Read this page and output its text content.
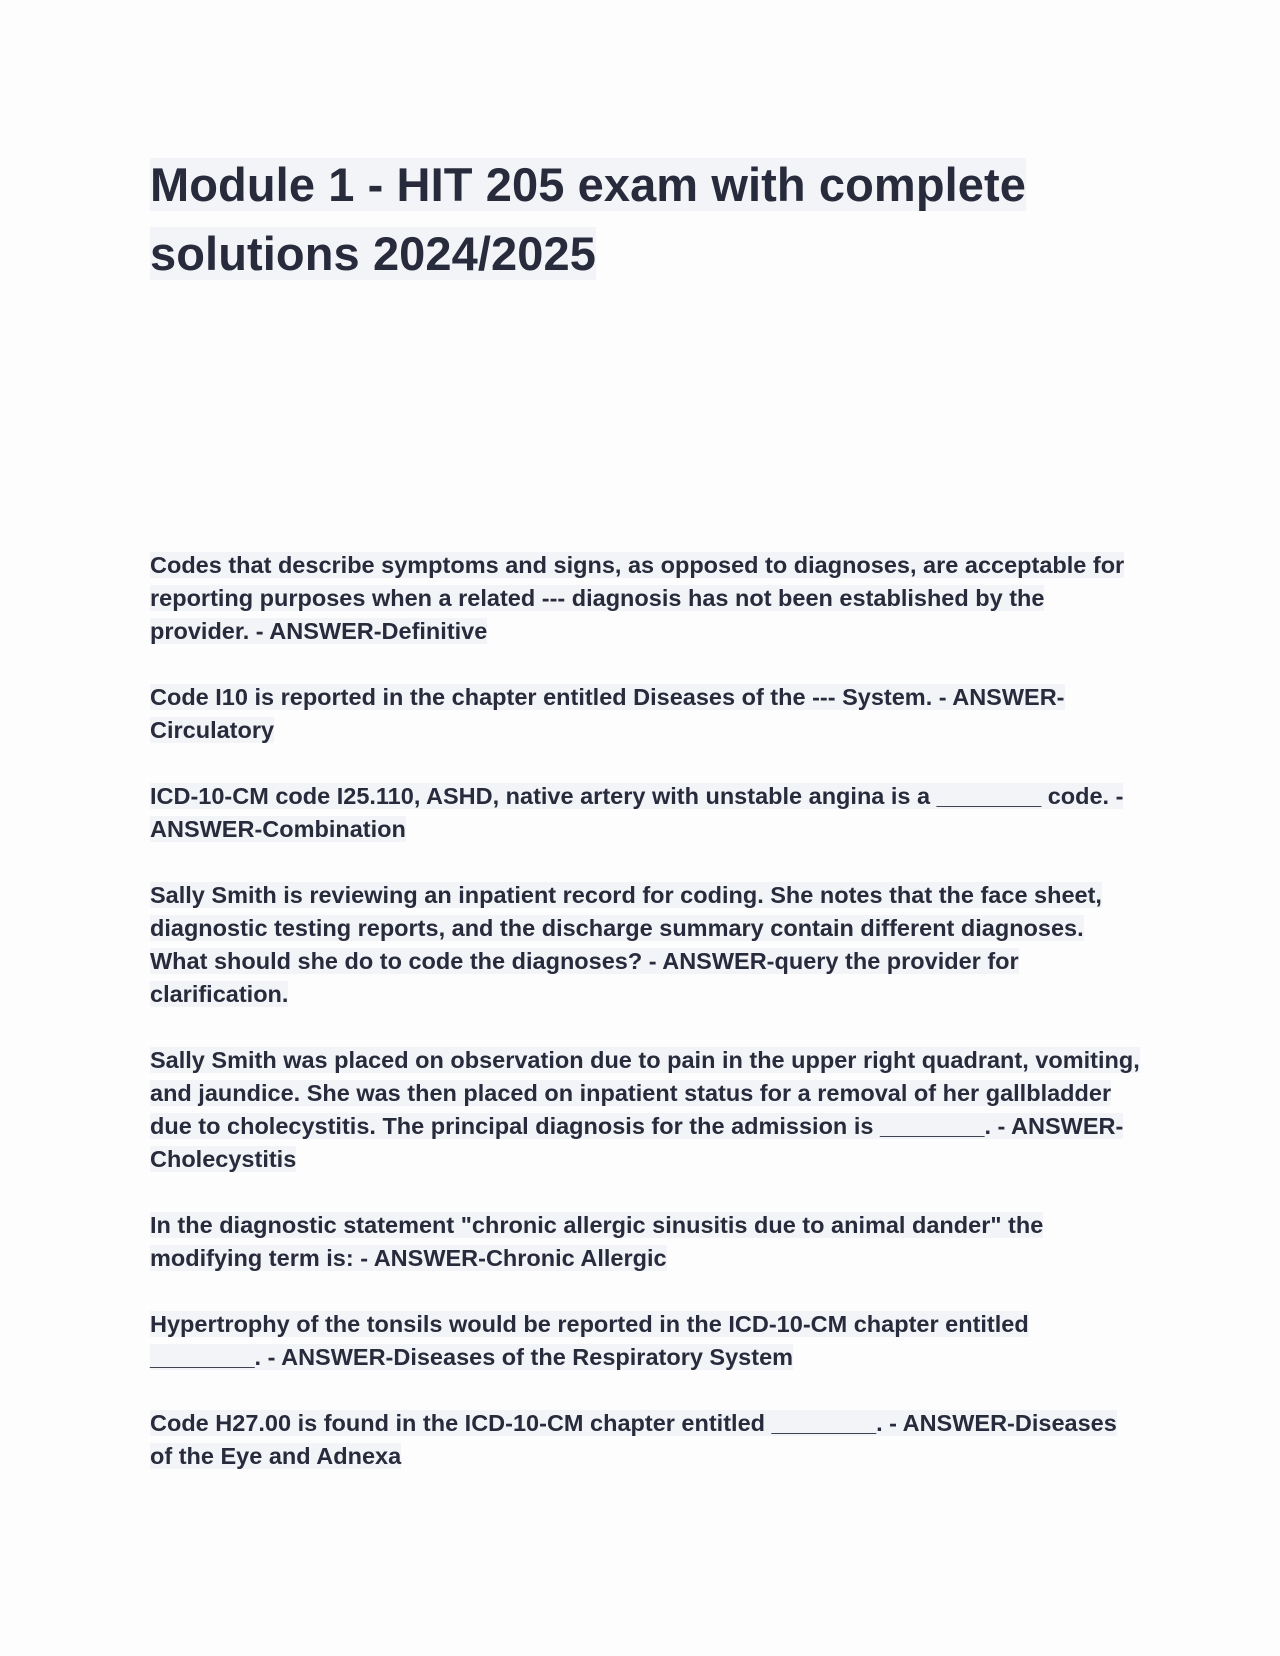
Module 1 - HIT 205 exam with complete solutions 2024/2025

Codes that describe symptoms and signs, as opposed to diagnoses, are acceptable for reporting purposes when a related --- diagnosis has not been established by the provider. - ANSWER-Definitive

Code I10 is reported in the chapter entitled Diseases of the --- System. - ANSWER-Circulatory

ICD-10-CM code I25.110, ASHD, native artery with unstable angina is a ________ code. - ANSWER-Combination

Sally Smith is reviewing an inpatient record for coding. She notes that the face sheet, diagnostic testing reports, and the discharge summary contain different diagnoses. What should she do to code the diagnoses? - ANSWER-query the provider for clarification.

Sally Smith was placed on observation due to pain in the upper right quadrant, vomiting, and jaundice. She was then placed on inpatient status for a removal of her gallbladder due to cholecystitis. The principal diagnosis for the admission is ________. - ANSWER-Cholecystitis

In the diagnostic statement "chronic allergic sinusitis due to animal dander" the modifying term is: - ANSWER-Chronic Allergic

Hypertrophy of the tonsils would be reported in the ICD-10-CM chapter entitled ________. - ANSWER-Diseases of the Respiratory System

Code H27.00 is found in the ICD-10-CM chapter entitled ________. - ANSWER-Diseases of the Eye and Adnexa
